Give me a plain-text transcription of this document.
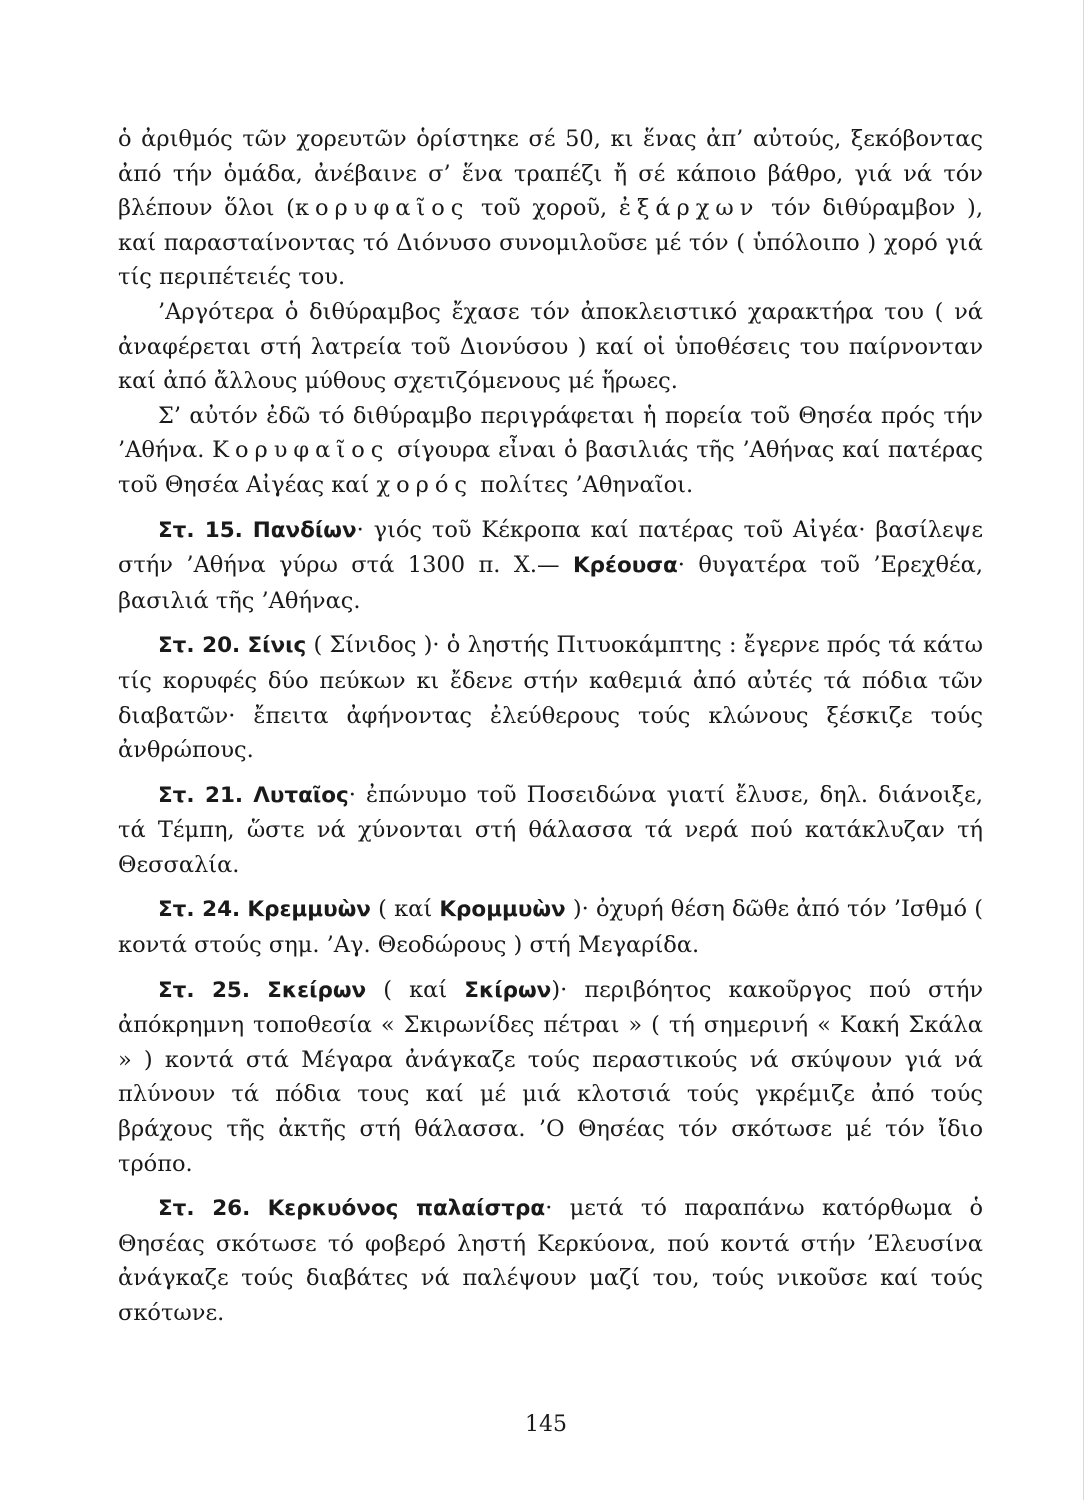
ὁ ἀριθμός τῶν χορευτῶν ὁρίστηκε σέ 50, κι ἕνας ἀπ’ αὐτούς, ξεκόβοντας ἀπό τήν ὁμάδα, ἀνέβαινε σ’ ἕνα τραπέζι ἤ σέ κάποιο βάθρο, γιά νά τόν βλέπουν ὅλοι (κορυφαῖος τοῦ χοροῦ, ἐξάρχων τόν διθύραμβον ), καί παρασταίνοντας τό Διόνυσο συνομιλοῦσε μέ τόν ( ὑπόλοιπο ) χορό γιά τίς περιπέτειές του.

’Αργότερα ὁ διθύραμβος ἔχασε τόν ἀποκλειστικό χαρακτήρα του ( νά ἀναφέρεται στή λατρεία τοῦ Διονύσου ) καί οἱ ὑποθέσεις του παίρνονταν καί ἀπό ἄλλους μύθους σχετιζόμενους μέ ἥρωες.

Σ’ αὐτόν ἐδῶ τό διθύραμβο περιγράφεται ἡ πορεία τοῦ Θησέα πρός τήν ’Αθήνα. Κορυφαῖος σίγουρα εἶναι ὁ βασιλιάς τῆς ’Αθήνας καί πατέρας τοῦ Θησέα Αἰγέας καί χορός πολίτες ’Αθηναῖοι.

Στ. 15. Πανδίων· γιός τοῦ Κέκροπα καί πατέρας τοῦ Αἰγέα· βασίλεψε στήν ’Αθήνα γύρω στά 1300 π. Χ.— Κρέουσα· θυγατέρα τοῦ ’Ερεχθέα, βασιλιά τῆς ’Αθήνας.

Στ. 20. Σίνις ( Σίνιδος )· ὁ ληστής Πιτυοκάμπτης : ἔγερνε πρός τά κάτω τίς κορυφές δύο πεύκων κι ἔδενε στήν καθεμιά ἀπό αὐτές τά πόδια τῶν διαβατῶν· ἔπειτα ἀφήνοντας ἐλεύθερους τούς κλώνους ξέσκιζε τούς ἀνθρώπους.

Στ. 21. Λυταῖος· ἐπώνυμο τοῦ Ποσειδώνα γιατί ἔλυσε, δηλ. διάνοιξε, τά Τέμπη, ὥστε νά χύνονται στή θάλασσα τά νερά πού κατάκλυζαν τή Θεσσαλία.

Στ. 24. Κρεμμυὼν ( καί Κρομμυὼν )· ὀχυρή θέση δῶθε ἀπό τόν ’Ισθμό ( κοντά στούς σημ. ’Αγ. Θεοδώρους ) στή Μεγαρίδα.

Στ. 25. Σκείρων ( καί Σκίρων)· περιβόητος κακοῦργος πού στήν ἀπόκρημνη τοποθεσία « Σκιρωνίδες πέτραι » ( τή σημερινή « Κακή Σκάλα » ) κοντά στά Μέγαρα ἀνάγκαζε τούς περαστικούς νά σκύψουν γιά νά πλύνουν τά πόδια τους καί μέ μιά κλοτσιά τούς γκρέμιζε ἀπό τούς βράχους τῆς ἀκτῆς στή θάλασσα. ’Ο Θησέας τόν σκότωσε μέ τόν ἴδιο τρόπο.

Στ. 26. Κερκυόνος παλαίστρα· μετά τό παραπάνω κατόρθωμα ὁ Θησέας σκότωσε τό φοβερό ληστή Κερκύονα, πού κοντά στήν ’Ελευσίνα ἀνάγκαζε τούς διαβάτες νά παλέψουν μαζί του, τούς νικοῦσε καί τούς σκότωνε.

145
